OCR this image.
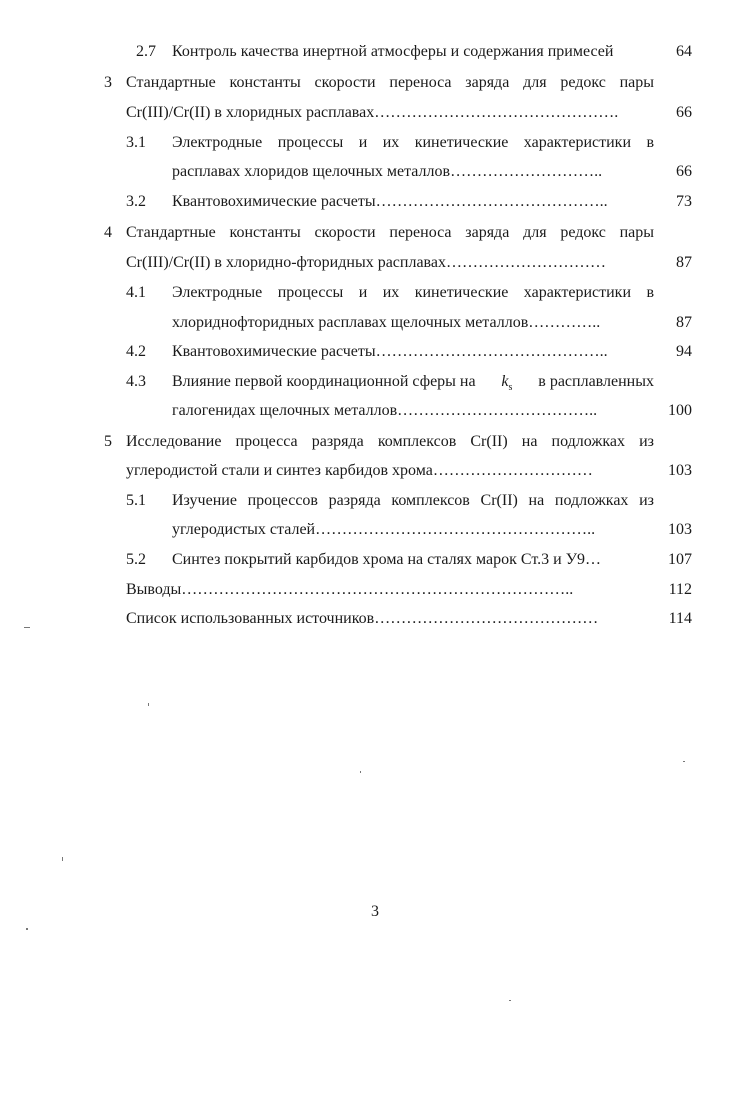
2.7 Контроль качества инертной атмосферы и содержания примесей	64
3 Стандартные константы скорости переноса заряда для редокс пары
Cr(III)/Cr(II) в хлоридных расплавах……………………………………….	66
3.1 Электродные процессы и их кинетические характеристики в
расплавах хлоридов щелочных металлов………………………..	66
3.2 Квантовохимические расчеты……………………………………..	73
4 Стандартные константы скорости переноса заряда для редокс пары
Cr(III)/Cr(II) в хлоридно-фторидных расплавах…………………………	87
4.1 Электродные процессы и их кинетические характеристики в
хлориднофторидных расплавах щелочных металлов…………..	87
4.2 Квантовохимические расчеты……………………………………..	94
4.3 Влияние первой координационной сферы на $k_s$ в расплавленных
галогенидах щелочных металлов………………………………..	100
5 Исследование процесса разряда комплексов Cr(II) на подложках из
углеродистой стали и синтез карбидов хрома…………………………	103
5.1 Изучение процессов разряда комплексов Cr(II) на подложках из
углеродистых сталей……………………………………………..	103
5.2 Синтез покрытий карбидов хрома на сталях марок Ст.3 и У9…	107
Выводы………………………………………………………………..	112
Список использованных источников……………………………………	114
3
